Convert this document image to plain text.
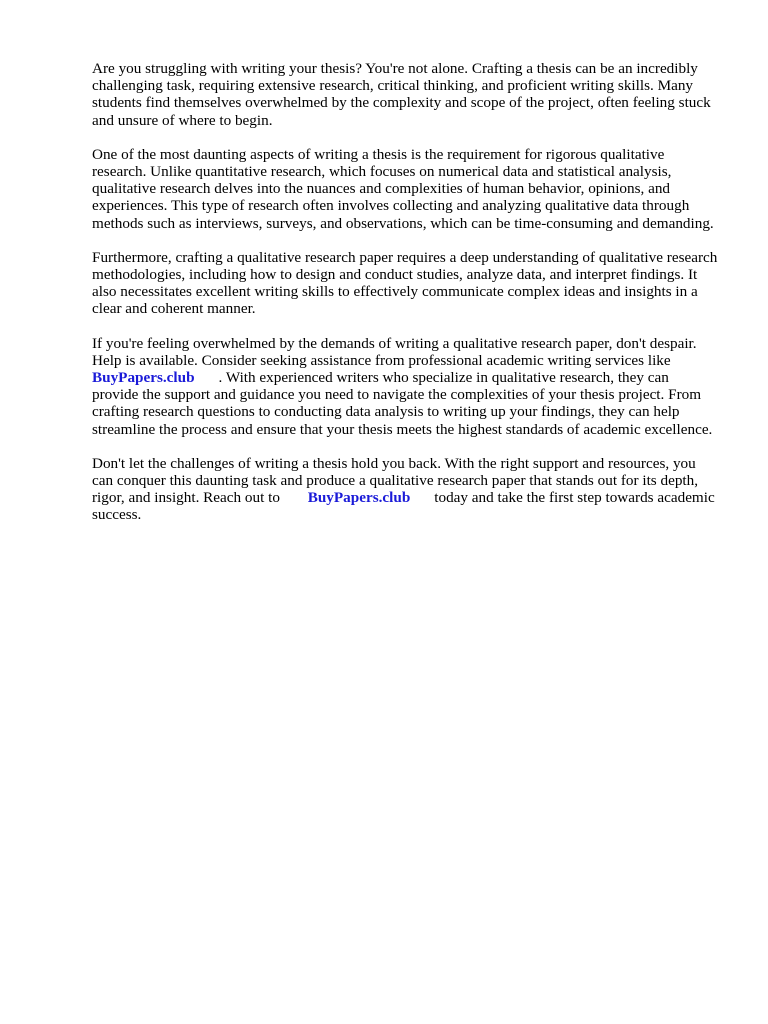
Are you struggling with writing your thesis? You're not alone. Crafting a thesis can be an incredibly challenging task, requiring extensive research, critical thinking, and proficient writing skills. Many students find themselves overwhelmed by the complexity and scope of the project, often feeling stuck and unsure of where to begin.

One of the most daunting aspects of writing a thesis is the requirement for rigorous qualitative research. Unlike quantitative research, which focuses on numerical data and statistical analysis, qualitative research delves into the nuances and complexities of human behavior, opinions, and experiences. This type of research often involves collecting and analyzing qualitative data through methods such as interviews, surveys, and observations, which can be time-consuming and demanding.

Furthermore, crafting a qualitative research paper requires a deep understanding of qualitative research methodologies, including how to design and conduct studies, analyze data, and interpret findings. It also necessitates excellent writing skills to effectively communicate complex ideas and insights in a clear and coherent manner.

If you're feeling overwhelmed by the demands of writing a qualitative research paper, don't despair. Help is available. Consider seeking assistance from professional academic writing services like
BuyPapers.club . With experienced writers who specialize in qualitative research, they can provide the support and guidance you need to navigate the complexities of your thesis project. From crafting research questions to conducting data analysis to writing up your findings, they can help streamline the process and ensure that your thesis meets the highest standards of academic excellence.

Don't let the challenges of writing a thesis hold you back. With the right support and resources, you can conquer this daunting task and produce a qualitative research paper that stands out for its depth, rigor, and insight. Reach out to BuyPapers.club today and take the first step towards academic success.
